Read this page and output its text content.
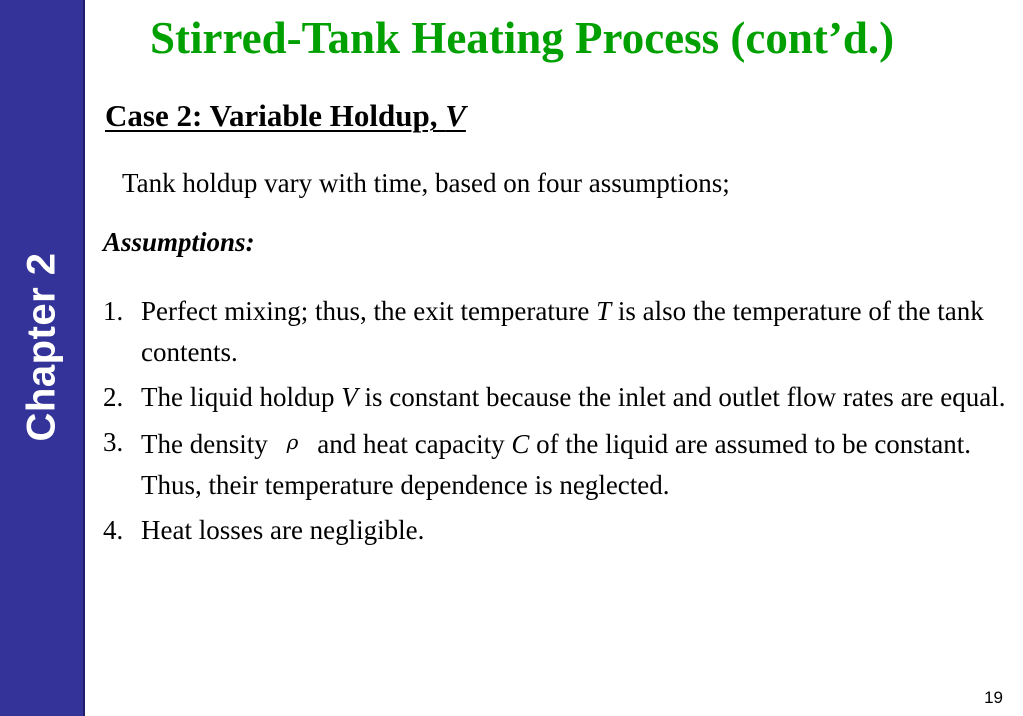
Chapter 2
Stirred-Tank Heating Process (cont’d.)
Case 2: Variable Holdup, V
Tank holdup vary with time, based on four assumptions;
Assumptions:
1. Perfect mixing; thus, the exit temperature T is also the temperature of the tank contents.
2. The liquid holdup V is constant because the inlet and outlet flow rates are equal.
3. The density ρ and heat capacity C of the liquid are assumed to be constant. Thus, their temperature dependence is neglected.
4. Heat losses are negligible.
19
